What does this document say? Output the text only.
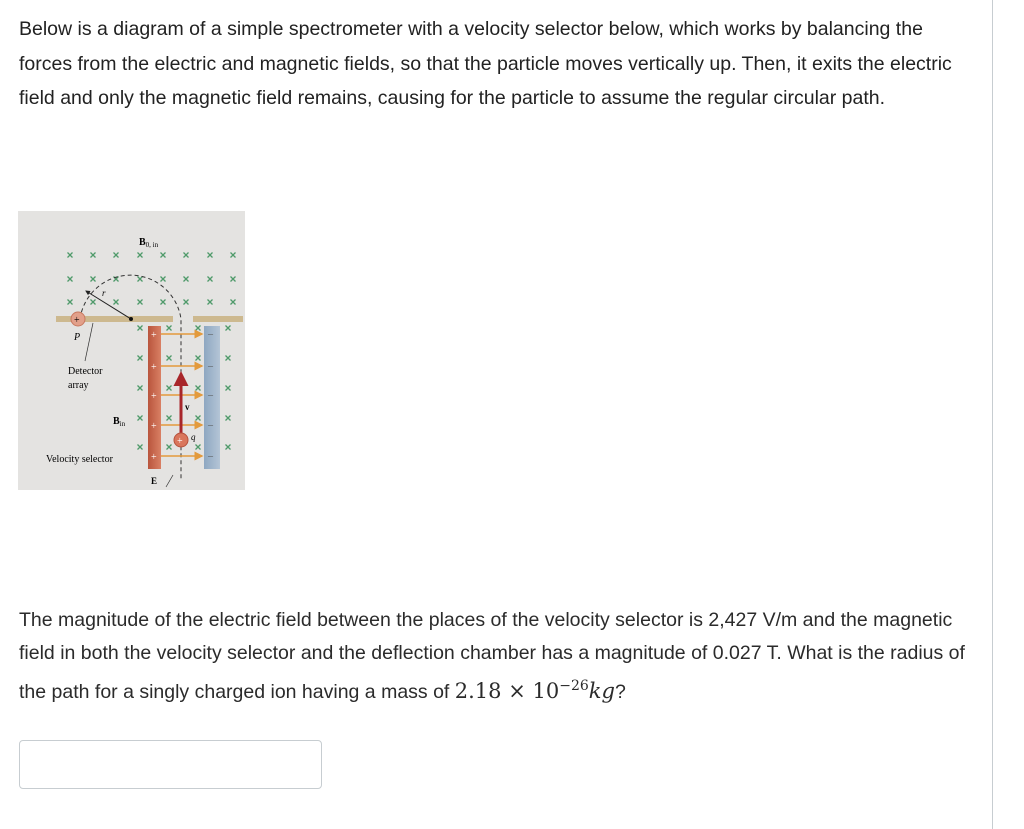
Below is a diagram of a simple spectrometer with a velocity selector below, which works by balancing the forces from the electric and magnetic fields, so that the particle moves vertically up. Then, it exits the electric field and only the magnetic field remains, causing for the particle to assume the regular circular path.
+
+	–
+	–
+	–
+	–
+	–
+
$B_{0, in}$
r
P
Detector
array
$B_{in}$
Velocity selector
v
q
E
The magnitude of the electric field between the places of the velocity selector is 2,427 V/m and the magnetic field in both the velocity selector and the deflection chamber has a magnitude of 0.027 T. What is the radius of the path for a singly charged ion having a mass of $2.18 \times 10^{-26}kg$?
